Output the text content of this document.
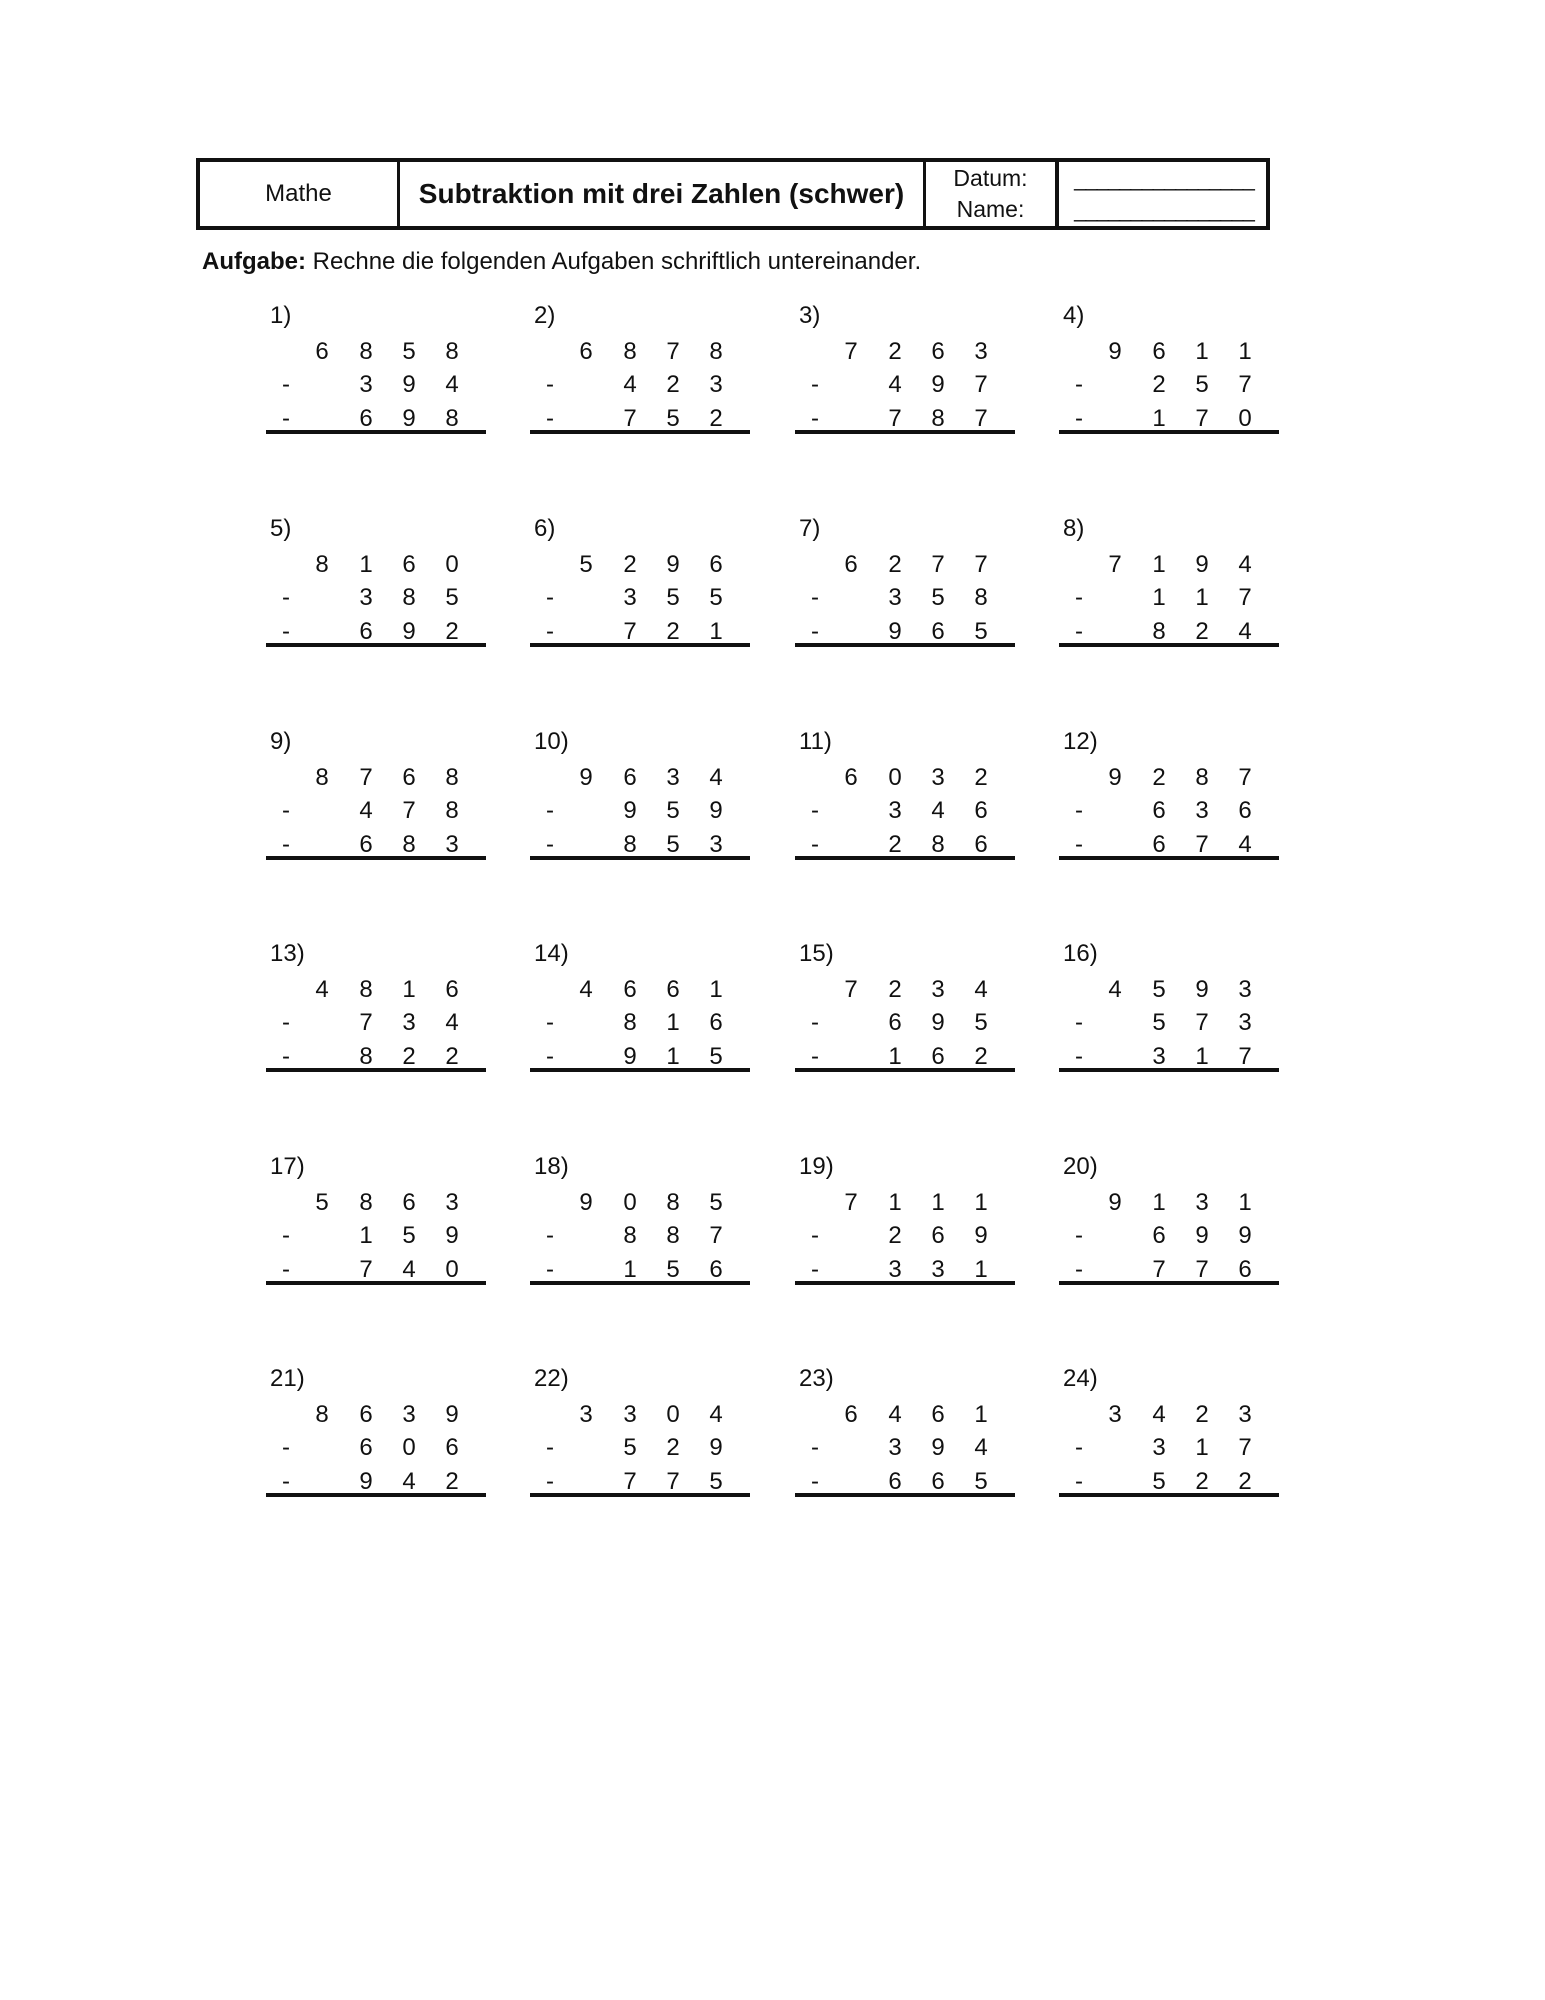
Mathe	Subtraktion mit drei Zahlen (schwer) Datum:
Name:
________________
________________
Aufgabe: Rechne die folgenden Aufgaben schriftlich untereinander.
1)
6 8 5 8
-	3 9 4
-	6 9 8
2)
6 8 7 8
-	4 2 3
-	7 5 2
3)
7 2 6 3
-	4 9 7
-	7 8 7
4)
9 6 1 1
-	2 5 7
-	1 7 0
5)
8 1 6 0
-	3 8 5
-	6 9 2
6)
5 2 9 6
-	3 5 5
-	7 2 1
7)
6 2 7 7
-	3 5 8
-	9 6 5
8)
7 1 9 4
-	1 1 7
-	8 2 4
9)
8 7 6 8
-	4 7 8
-	6 8 3
10)
9 6 3 4
-	9 5 9
-	8 5 3
11)
6 0 3 2
-	3 4 6
-	2 8 6
12)
9 2 8 7
-	6 3 6
-	6 7 4
13)
4 8 1 6
-	7 3 4
-	8 2 2
14)
4 6 6 1
-	8 1 6
-	9 1 5
15)
7 2 3 4
-	6 9 5
-	1 6 2
16)
4 5 9 3
-	5 7 3
-	3 1 7
17)
5 8 6 3
-	1 5 9
-	7 4 0
18)
9 0 8 5
-	8 8 7
-	1 5 6
19)
7 1 1 1
-	2 6 9
-	3 3 1
20)
9 1 3 1
-	6 9 9
-	7 7 6
21)
8 6 3 9
-	6 0 6
-	9 4 2
22)
3 3 0 4
-	5 2 9
-	7 7 5
23)
6 4 6 1
-	3 9 4
-	6 6 5
24)
3 4 2 3
-	3 1 7
-	5 2 2
